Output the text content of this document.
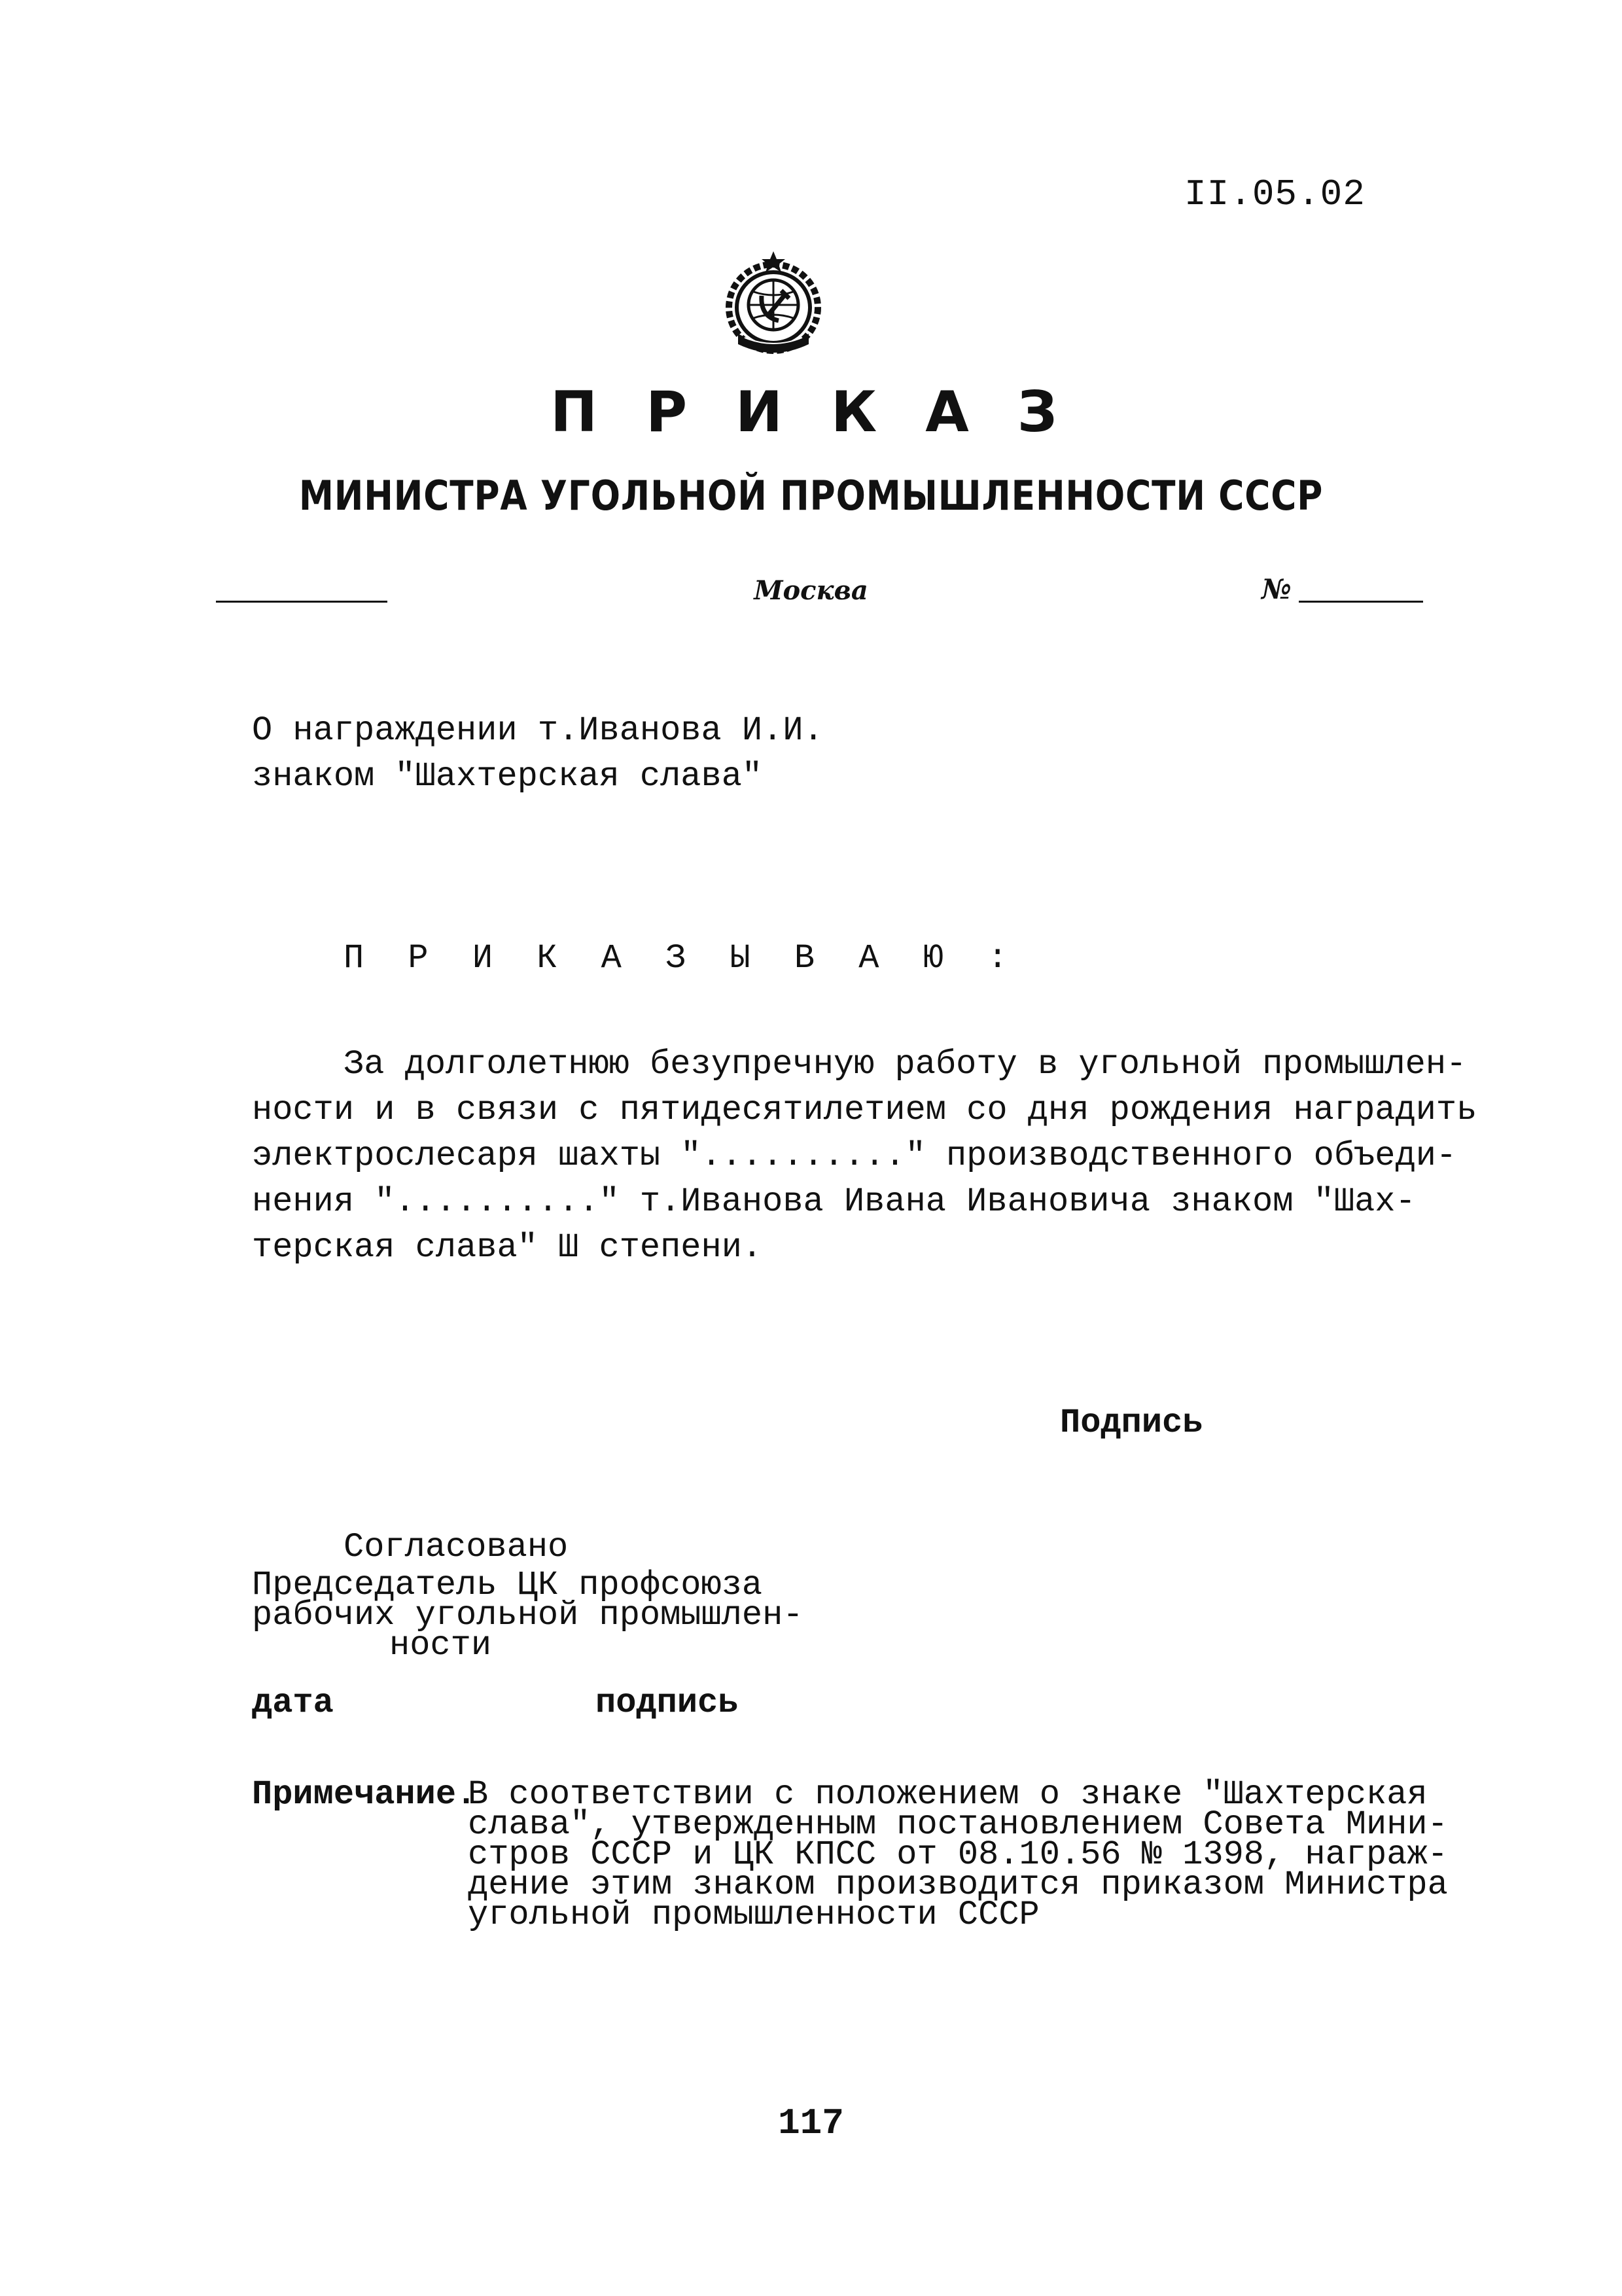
II.05.02
П Р И К А З
МИНИСТРА УГОЛЬНОЙ ПРОМЫШЛЕННОСТИ СССР
Москва	№
О награждении т.Иванова И.И.
знаком "Шахтерская слава"
П Р И К А З Ы В А Ю :
За долголетнюю безупречную работу в угольной промышлен-
ности и в связи с пятидесятилетием со дня рождения наградить
электрослесаря шахты ".........." производственного объеди-
нения ".........." т.Иванова Ивана Ивановича знаком "Шах-
терская слава" Ш степени.
Подпись
Согласовано
Председатель ЦК профсоюза
рабочих угольной промышлен-
ности
дата	подпись
Примечание.
В соответствии с положением о знаке "Шахтерская
слава", утвержденным постановлением Совета Мини-
стров СССР и ЦК КПСС от 08.10.56 № 1398, награж-
дение этим знаком производится приказом Министра
угольной промышленности СССР
117
